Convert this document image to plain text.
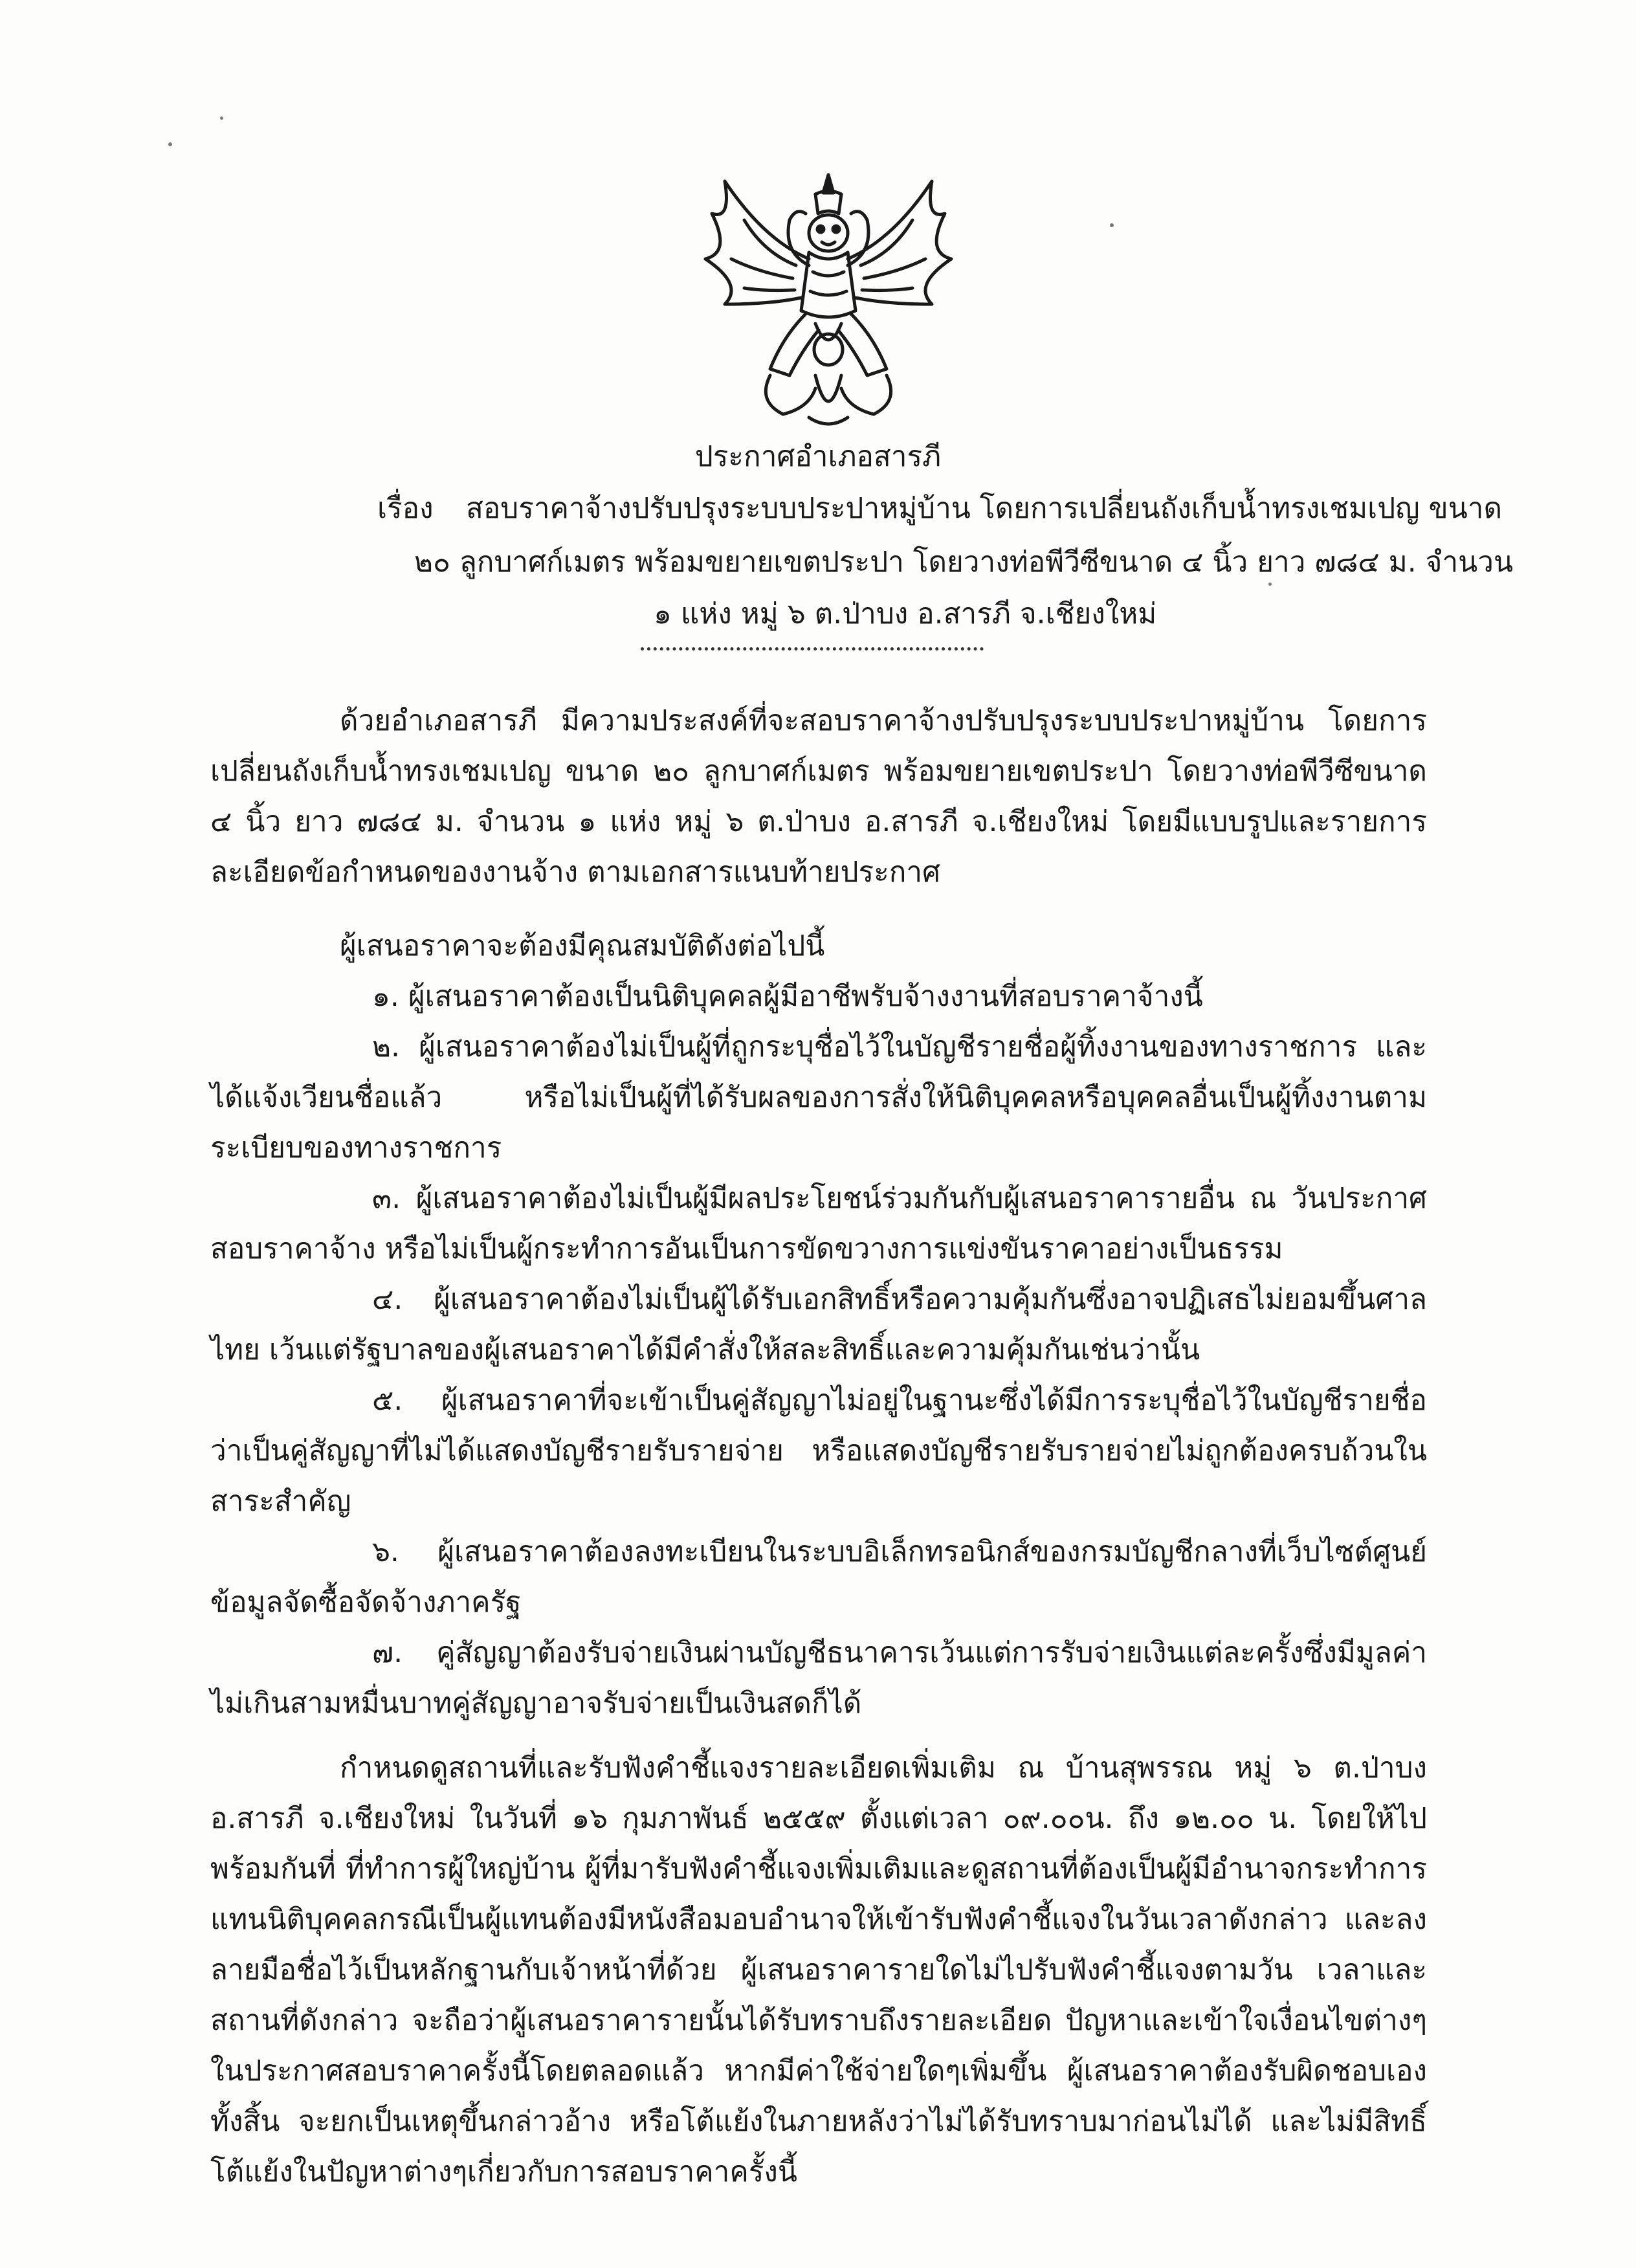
ประกาศอำเภอสารภี
เรื่อง สอบราคาจ้างปรับปรุงระบบประปาหมู่บ้าน โดยการเปลี่ยนถังเก็บน้ำทรงเชมเปญ ขนาด
๒๐ ลูกบาศก์เมตร พร้อมขยายเขตประปา โดยวางท่อพีวีซีขนาด ๔ นิ้ว ยาว ๗๘๔ ม. จำนวน
๑ แห่ง หมู่ ๖ ต.ป่าบง อ.สารภี จ.เชียงใหม่

ด้วยอำเภอสารภี มีความประสงค์ที่จะสอบราคาจ้างปรับปรุงระบบประปาหมู่บ้าน โดยการเปลี่ยนถังเก็บน้ำทรงเชมเปญ ขนาด ๒๐ ลูกบาศก์เมตร พร้อมขยายเขตประปา โดยวางท่อพีวีซีขนาด ๔ นิ้ว ยาว ๗๘๔ ม. จำนวน ๑ แห่ง หมู่ ๖ ต.ป่าบง อ.สารภี จ.เชียงใหม่ โดยมีแบบรูปและรายการละเอียดข้อกำหนดของงานจ้าง ตามเอกสารแนบท้ายประกาศ

ผู้เสนอราคาจะต้องมีคุณสมบัติดังต่อไปนี้

๑. ผู้เสนอราคาต้องเป็นนิติบุคคลผู้มีอาชีพรับจ้างงานที่สอบราคาจ้างนี้

๒. ผู้เสนอราคาต้องไม่เป็นผู้ที่ถูกระบุชื่อไว้ในบัญชีรายชื่อผู้ทิ้งงานของทางราชการ และได้แจ้งเวียนชื่อแล้ว หรือไม่เป็นผู้ที่ได้รับผลของการสั่งให้นิติบุคคลหรือบุคคลอื่นเป็นผู้ทิ้งงานตามระเบียบของทางราชการ

๓. ผู้เสนอราคาต้องไม่เป็นผู้มีผลประโยชน์ร่วมกันกับผู้เสนอราคารายอื่น ณ วันประกาศสอบราคาจ้าง หรือไม่เป็นผู้กระทำการอันเป็นการขัดขวางการแข่งขันราคาอย่างเป็นธรรม

๔. ผู้เสนอราคาต้องไม่เป็นผู้ได้รับเอกสิทธิ์หรือความคุ้มกันซึ่งอาจปฏิเสธไม่ยอมขึ้นศาลไทย เว้นแต่รัฐบาลของผู้เสนอราคาได้มีคำสั่งให้สละสิทธิ์และความคุ้มกันเช่นว่านั้น

๕. ผู้เสนอราคาที่จะเข้าเป็นคู่สัญญาไม่อยู่ในฐานะซึ่งได้มีการระบุชื่อไว้ในบัญชีรายชื่อว่าเป็นคู่สัญญาที่ไม่ได้แสดงบัญชีรายรับรายจ่าย หรือแสดงบัญชีรายรับรายจ่ายไม่ถูกต้องครบถ้วนในสาระสำคัญ

๖. ผู้เสนอราคาต้องลงทะเบียนในระบบอิเล็กทรอนิกส์ของกรมบัญชีกลางที่เว็บไซต์ศูนย์ข้อมูลจัดซื้อจัดจ้างภาครัฐ

๗. คู่สัญญาต้องรับจ่ายเงินผ่านบัญชีธนาคารเว้นแต่การรับจ่ายเงินแต่ละครั้งซึ่งมีมูลค่าไม่เกินสามหมื่นบาทคู่สัญญาอาจรับจ่ายเป็นเงินสดก็ได้

กำหนดดูสถานที่และรับฟังคำชี้แจงรายละเอียดเพิ่มเติม ณ บ้านสุพรรณ หมู่ ๖ ต.ป่าบง อ.สารภี จ.เชียงใหม่ ในวันที่ ๑๖ กุมภาพันธ์ ๒๕๕๙ ตั้งแต่เวลา ๐๙.๐๐น. ถึง ๑๒.๐๐ น. โดยให้ไปพร้อมกันที่ ที่ทำการผู้ใหญ่บ้าน ผู้ที่มารับฟังคำชี้แจงเพิ่มเติมและดูสถานที่ต้องเป็นผู้มีอำนาจกระทำการแทนนิติบุคคลกรณีเป็นผู้แทนต้องมีหนังสือมอบอำนาจให้เข้ารับฟังคำชี้แจงในวันเวลาดังกล่าว และลงลายมือชื่อไว้เป็นหลักฐานกับเจ้าหน้าที่ด้วย ผู้เสนอราคารายใดไม่ไปรับฟังคำชี้แจงตามวัน เวลาและสถานที่ดังกล่าว จะถือว่าผู้เสนอราคารายนั้นได้รับทราบถึงรายละเอียด ปัญหาและเข้าใจเงื่อนไขต่างๆ ในประกาศสอบราคาครั้งนี้โดยตลอดแล้ว หากมีค่าใช้จ่ายใดๆเพิ่มขึ้น ผู้เสนอราคาต้องรับผิดชอบเองทั้งสิ้น จะยกเป็นเหตุขึ้นกล่าวอ้าง หรือโต้แย้งในภายหลังว่าไม่ได้รับทราบมาก่อนไม่ได้ และไม่มีสิทธิ์โต้แย้งในปัญหาต่างๆเกี่ยวกับการสอบราคาครั้งนี้
